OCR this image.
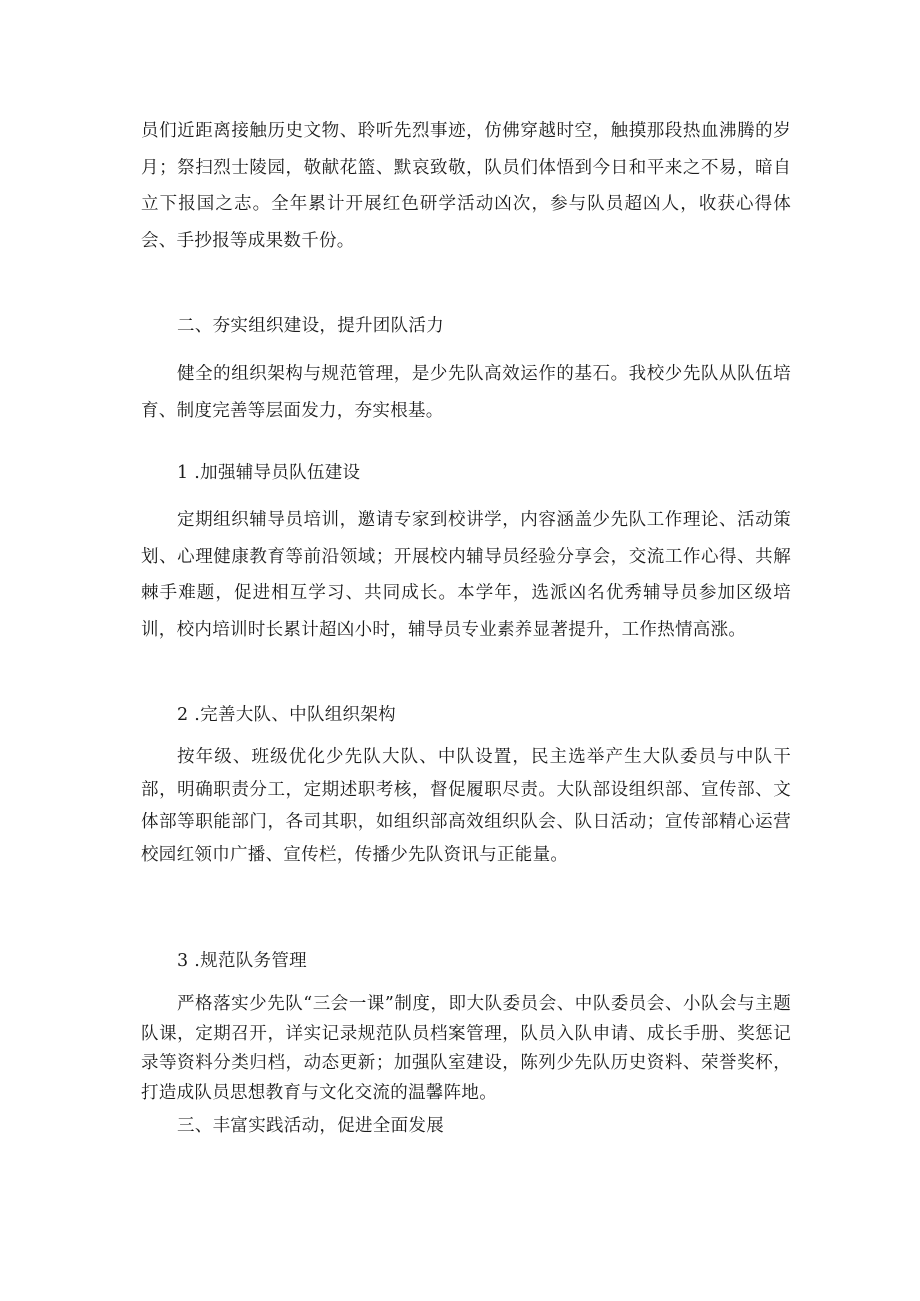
员们近距离接触历史文物、聆听先烈事迹，仿佛穿越时空，触摸那段热血沸腾的岁月；祭扫烈士陵园，敬献花篮、默哀致敬，队员们体悟到今日和平来之不易，暗自立下报国之志。全年累计开展红色研学活动凶次，参与队员超凶人，收获心得体会、手抄报等成果数千份。

二、夯实组织建设，提升团队活力

健全的组织架构与规范管理，是少先队高效运作的基石。我校少先队从队伍培育、制度完善等层面发力，夯实根基。

1 .加强辅导员队伍建设

定期组织辅导员培训，邀请专家到校讲学，内容涵盖少先队工作理论、活动策划、心理健康教育等前沿领域；开展校内辅导员经验分享会，交流工作心得、共解棘手难题，促进相互学习、共同成长。本学年，选派凶名优秀辅导员参加区级培训，校内培训时长累计超凶小时，辅导员专业素养显著提升，工作热情高涨。

2 .完善大队、中队组织架构

按年级、班级优化少先队大队、中队设置，民主选举产生大队委员与中队干部，明确职责分工，定期述职考核，督促履职尽责。大队部设组织部、宣传部、文体部等职能部门，各司其职，如组织部高效组织队会、队日活动；宣传部精心运营校园红领巾广播、宣传栏，传播少先队资讯与正能量。

3 .规范队务管理

严格落实少先队“三会一课”制度，即大队委员会、中队委员会、小队会与主题队课，定期召开，详实记录规范队员档案管理，队员入队申请、成长手册、奖惩记录等资料分类归档，动态更新；加强队室建设，陈列少先队历史资料、荣誉奖杯，打造成队员思想教育与文化交流的温馨阵地。

三、丰富实践活动，促进全面发展
